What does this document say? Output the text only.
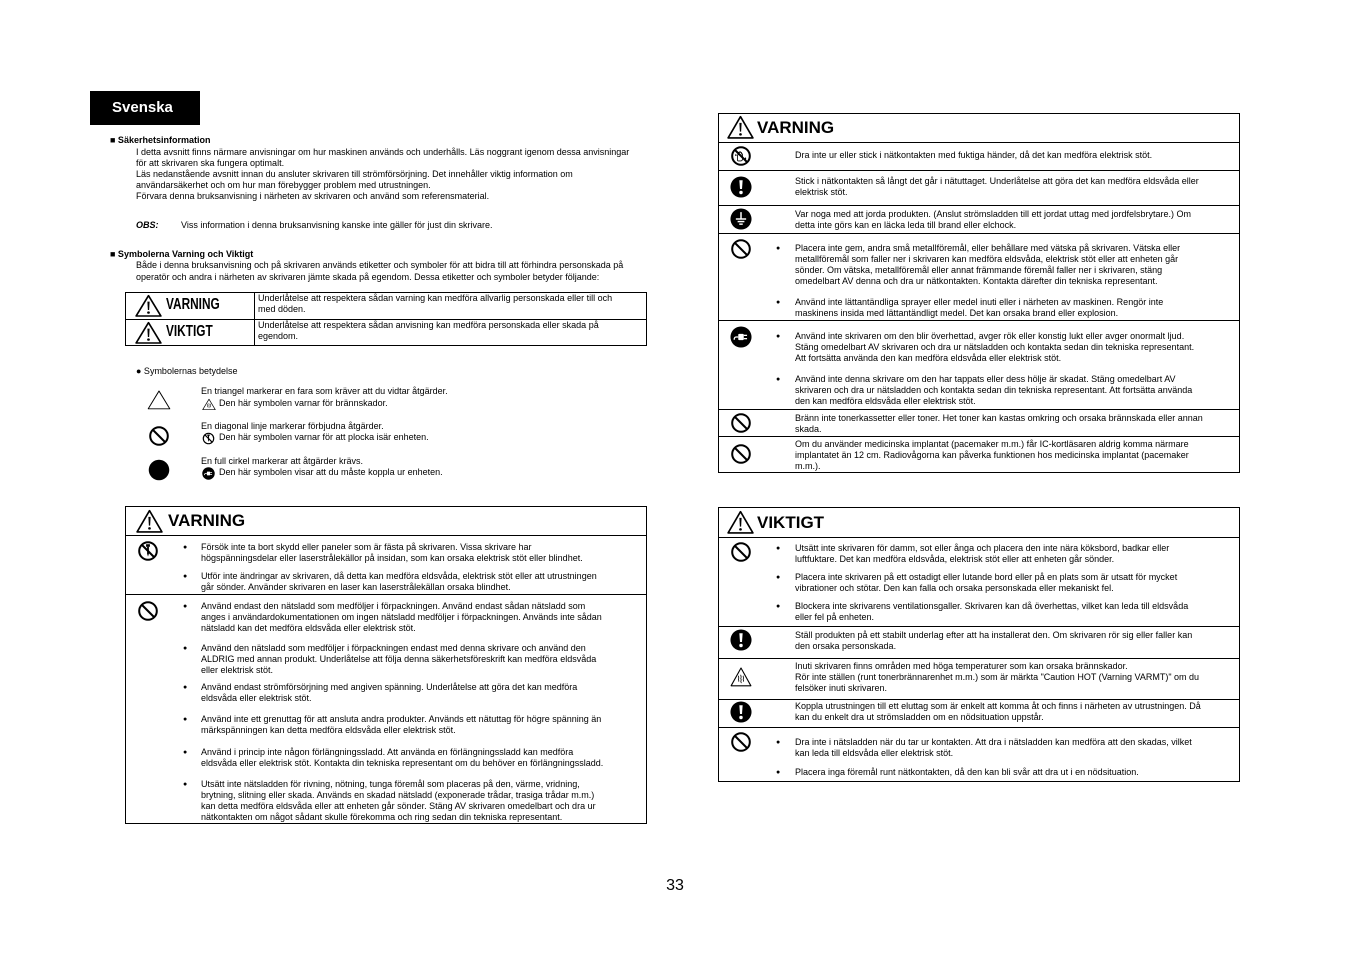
Svenska
■ Säkerhetsinformation
I detta avsnitt finns närmare anvisningar om hur maskinen används och underhålls. Läs noggrant igenom dessa anvisningar
för att skrivaren ska fungera optimalt.
Läs nedanstående avsnitt innan du ansluter skrivaren till strömförsörjning. Det innehåller viktig information om
användarsäkerhet och om hur man förebygger problem med utrustningen.
Förvara denna bruksanvisning i närheten av skrivaren och använd som referensmaterial.
OBS:	Viss information i denna bruksanvisning kanske inte gäller för just din skrivare.
■ Symbolerna Varning och Viktigt
Både i denna bruksanvisning och på skrivaren används etiketter och symboler för att bidra till att förhindra personskada på
operatör och andra i närheten av skrivaren jämte skada på egendom. Dessa etiketter och symboler betyder följande:
VARNING	Underlåtelse att respektera sådan varning kan medföra allvarlig personskada eller till och
med döden.
VIKTIGT	Underlåtelse att respektera sådan anvisning kan medföra personskada eller skada på
egendom.
● Symbolernas betydelse
En triangel markerar en fara som kräver att du vidtar åtgärder.
Den här symbolen varnar för brännskador.
En diagonal linje markerar förbjudna åtgärder.
Den här symbolen varnar för att plocka isär enheten.
En full cirkel markerar att åtgärder krävs.
Den här symbolen visar att du måste koppla ur enheten.
VARNING
● Försök inte ta bort skydd eller paneler som är fästa på skrivaren. Vissa skrivare har
högspänningsdelar eller laserstrålekällor på insidan, som kan orsaka elektrisk stöt eller blindhet.
● Utför inte ändringar av skrivaren, då detta kan medföra eldsvåda, elektrisk stöt eller att utrustningen
går sönder. Använder skrivaren en laser kan laserstrålekällan orsaka blindhet.
● Använd endast den nätsladd som medföljer i förpackningen. Använd endast sådan nätsladd som
anges i användardokumentationen om ingen nätsladd medföljer i förpackningen. Används inte sådan
nätsladd kan det medföra eldsvåda eller elektrisk stöt.
● Använd den nätsladd som medföljer i förpackningen endast med denna skrivare och använd den
ALDRIG med annan produkt. Underlåtelse att följa denna säkerhetsföreskrift kan medföra eldsvåda
eller elektrisk stöt.
● Använd endast strömförsörjning med angiven spänning. Underlåtelse att göra det kan medföra
eldsvåda eller elektrisk stöt.
● Använd inte ett grenuttag för att ansluta andra produkter. Används ett nätuttag för högre spänning än
märkspänningen kan detta medföra eldsvåda eller elektrisk stöt.
● Använd i princip inte någon förlängningssladd. Att använda en förlängningssladd kan medföra
eldsvåda eller elektrisk stöt. Kontakta din tekniska representant om du behöver en förlängningssladd.
● Utsätt inte nätsladden för rivning, nötning, tunga föremål som placeras på den, värme, vridning,
brytning, slitning eller skada. Används en skadad nätsladd (exponerade trådar, trasiga trådar m.m.)
kan detta medföra eldsvåda eller att enheten går sönder. Stäng AV skrivaren omedelbart och dra ur
nätkontakten om något sådant skulle förekomma och ring sedan din tekniska representant.
VARNING
Dra inte ur eller stick i nätkontakten med fuktiga händer, då det kan medföra elektrisk stöt.
Stick i nätkontakten så långt det går i nätuttaget. Underlåtelse att göra det kan medföra eldsvåda eller
elektrisk stöt.
Var noga med att jorda produkten. (Anslut strömsladden till ett jordat uttag med jordfelsbrytare.) Om
detta inte görs kan en läcka leda till brand eller elchock.
● Placera inte gem, andra små metallföremål, eller behållare med vätska på skrivaren. Vätska eller
metallföremål som faller ner i skrivaren kan medföra eldsvåda, elektrisk stöt eller att enheten går
sönder. Om vätska, metallföremål eller annat främmande föremål faller ner i skrivaren, stäng
omedelbart AV denna och dra ur nätkontakten. Kontakta därefter din tekniska representant.
● Använd inte lättantändliga sprayer eller medel inuti eller i närheten av maskinen. Rengör inte
maskinens insida med lättantändligt medel. Det kan orsaka brand eller explosion.
● Använd inte skrivaren om den blir överhettad, avger rök eller konstig lukt eller avger onormalt ljud.
Stäng omedelbart AV skrivaren och dra ur nätsladden och kontakta sedan din tekniska representant.
Att fortsätta använda den kan medföra eldsvåda eller elektrisk stöt.
● Använd inte denna skrivare om den har tappats eller dess hölje är skadat. Stäng omedelbart AV
skrivaren och dra ur nätsladden och kontakta sedan din tekniska representant. Att fortsätta använda
den kan medföra eldsvåda eller elektrisk stöt.
Bränn inte tonerkassetter eller toner. Het toner kan kastas omkring och orsaka brännskada eller annan
skada.
Om du använder medicinska implantat (pacemaker m.m.) får IC-kortläsaren aldrig komma närmare
implantatet än 12 cm. Radiovågorna kan påverka funktionen hos medicinska implantat (pacemaker
m.m.).
VIKTIGT
● Utsätt inte skrivaren för damm, sot eller ånga och placera den inte nära köksbord, badkar eller
luftfuktare. Det kan medföra eldsvåda, elektrisk stöt eller att enheten går sönder.
● Placera inte skrivaren på ett ostadigt eller lutande bord eller på en plats som är utsatt för mycket
vibrationer och stötar. Den kan falla och orsaka personskada eller mekaniskt fel.
● Blockera inte skrivarens ventilationsgaller. Skrivaren kan då överhettas, vilket kan leda till eldsvåda
eller fel på enheten.
Ställ produkten på ett stabilt underlag efter att ha installerat den. Om skrivaren rör sig eller faller kan
den orsaka personskada.
Inuti skrivaren finns områden med höga temperaturer som kan orsaka brännskador.
Rör inte ställen (runt tonerbrännarenhet m.m.) som är märkta "Caution HOT (Varning VARMT)" om du
felsöker inuti skrivaren.
Koppla utrustningen till ett eluttag som är enkelt att komma åt och finns i närheten av utrustningen. Då
kan du enkelt dra ut strömsladden om en nödsituation uppstår.
● Dra inte i nätsladden när du tar ur kontakten. Att dra i nätsladden kan medföra att den skadas, vilket
kan leda till eldsvåda eller elektrisk stöt.
● Placera inga föremål runt nätkontakten, då den kan bli svår att dra ut i en nödsituation.
33
